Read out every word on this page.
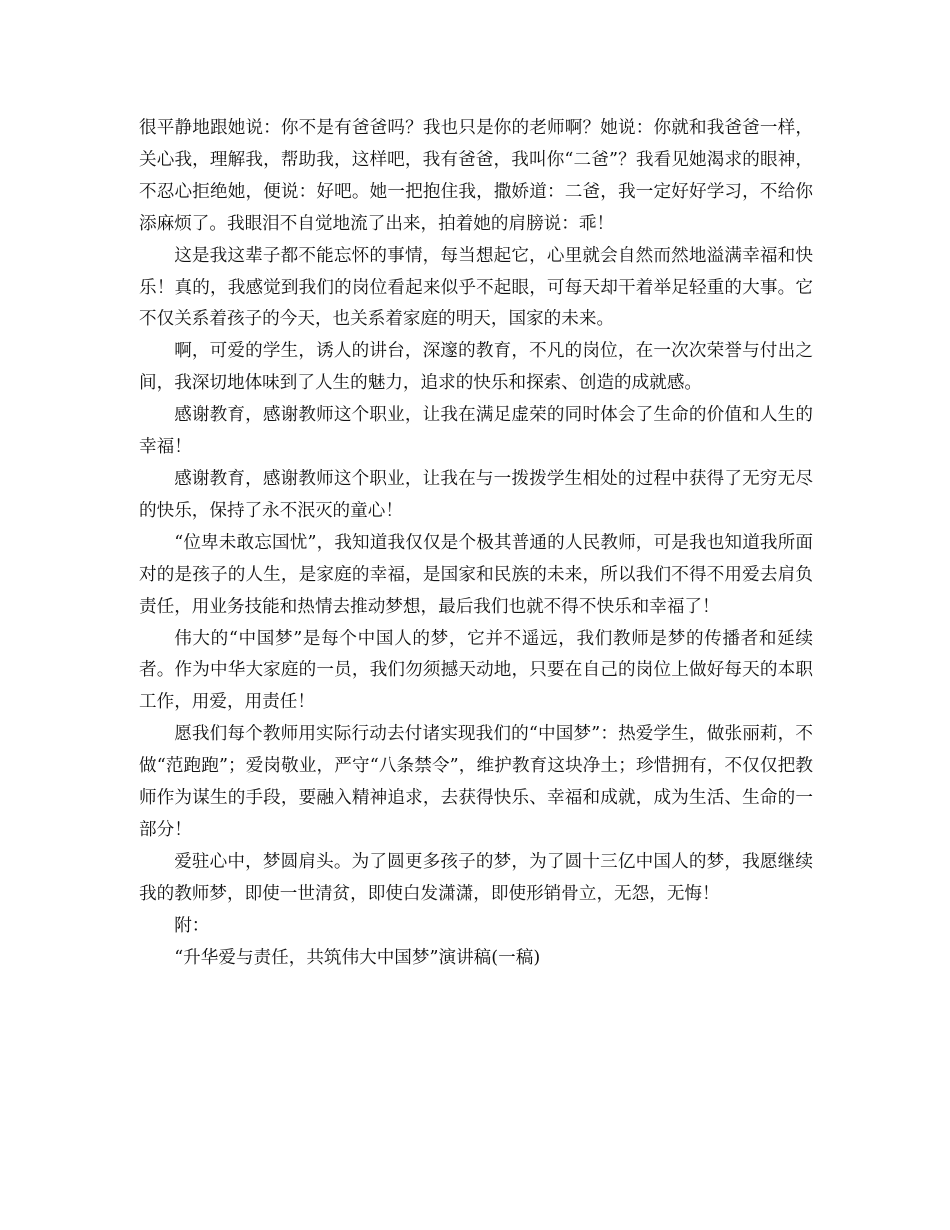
很平静地跟她说：你不是有爸爸吗？我也只是你的老师啊？她说：你就和我爸爸一样，关心我，理解我，帮助我，这样吧，我有爸爸，我叫你“二爸”？我看见她渴求的眼神，不忍心拒绝她，便说：好吧。她一把抱住我，撒娇道：二爸，我一定好好学习，不给你添麻烦了。我眼泪不自觉地流了出来，拍着她的肩膀说：乖！

这是我这辈子都不能忘怀的事情，每当想起它，心里就会自然而然地溢满幸福和快乐！真的，我感觉到我们的岗位看起来似乎不起眼，可每天却干着举足轻重的大事。它不仅关系着孩子的今天，也关系着家庭的明天，国家的未来。

啊，可爱的学生，诱人的讲台，深邃的教育，不凡的岗位，在一次次荣誉与付出之间，我深切地体味到了人生的魅力，追求的快乐和探索、创造的成就感。

感谢教育，感谢教师这个职业，让我在满足虚荣的同时体会了生命的价值和人生的幸福！

感谢教育，感谢教师这个职业，让我在与一拨拨学生相处的过程中获得了无穷无尽的快乐，保持了永不泯灭的童心！

“位卑未敢忘国忧”，我知道我仅仅是个极其普通的人民教师，可是我也知道我所面对的是孩子的人生，是家庭的幸福，是国家和民族的未来，所以我们不得不用爱去肩负责任，用业务技能和热情去推动梦想，最后我们也就不得不快乐和幸福了！

伟大的“中国梦”是每个中国人的梦，它并不遥远，我们教师是梦的传播者和延续者。作为中华大家庭的一员，我们勿须撼天动地，只要在自己的岗位上做好每天的本职工作，用爱，用责任！

愿我们每个教师用实际行动去付诸实现我们的“中国梦”：热爱学生，做张丽莉，不做“范跑跑”；爱岗敬业，严守“八条禁令”，维护教育这块净土；珍惜拥有，不仅仅把教师作为谋生的手段，要融入精神追求，去获得快乐、幸福和成就，成为生活、生命的一部分！

爱驻心中，梦圆肩头。为了圆更多孩子的梦，为了圆十三亿中国人的梦，我愿继续我的教师梦，即使一世清贫，即使白发潇潇，即使形销骨立，无怨，无悔！

附：

“升华爱与责任，共筑伟大中国梦”演讲稿(一稿)
